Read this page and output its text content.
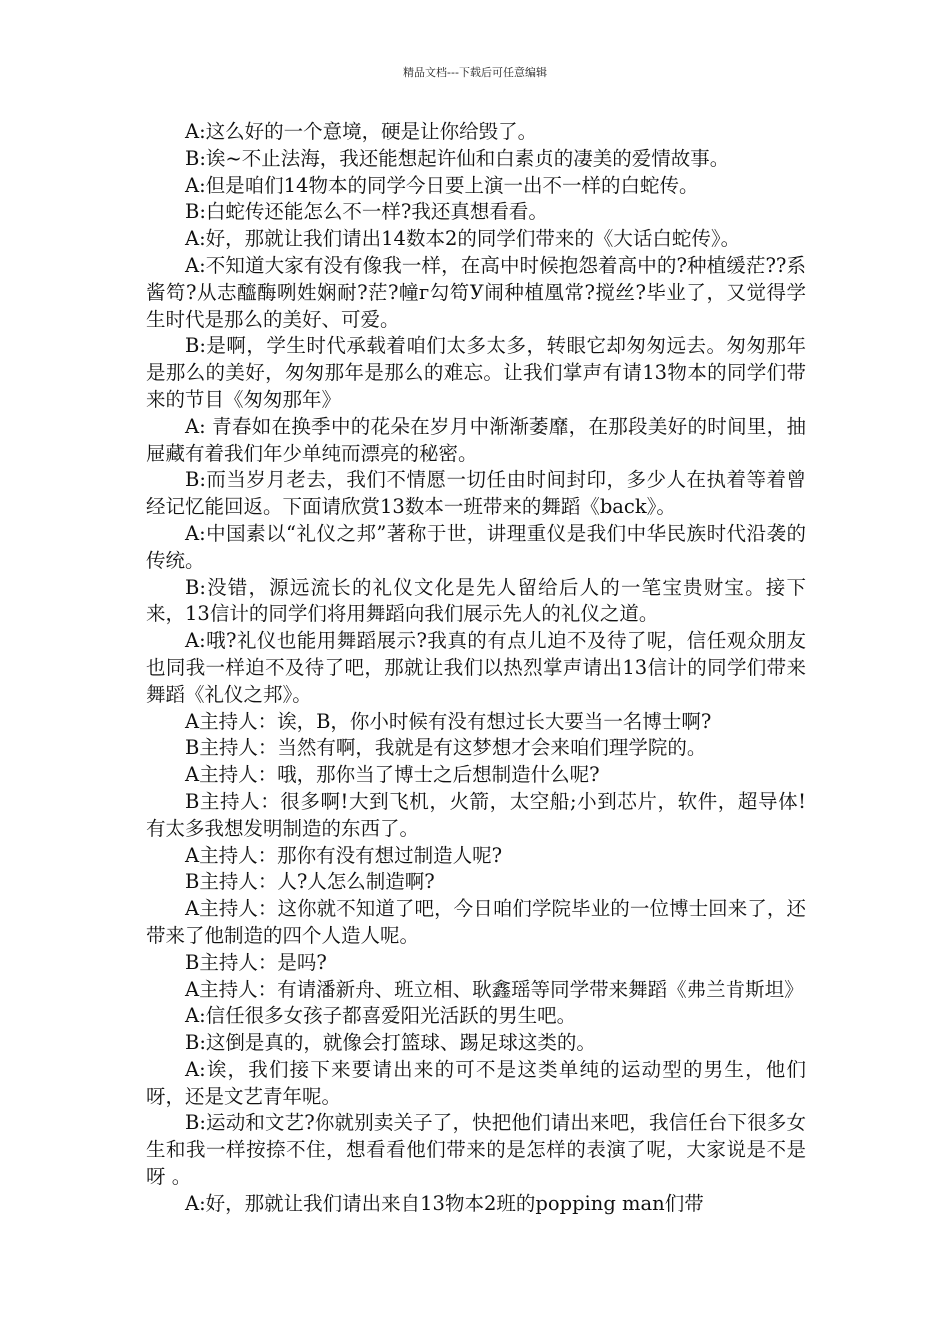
精品文档---下载后可任意编辑

A:这么好的一个意境，硬是让你给毁了。

B:诶~不止法海，我还能想起许仙和白素贞的凄美的爱情故事。

A:但是咱们14物本的同学今日要上演一出不一样的白蛇传。

B:白蛇传还能怎么不一样?我还真想看看。

A:好，那就让我们请出14数本2的同学们带来的《大话白蛇传》。

A:不知道大家有没有像我一样，在高中时候抱怨着高中的?种植缓茫??系酱笱?从志醯酶咧姓娴耐?茫?幢г勾笱У闹种植凰常?搅丝?毕业了，又觉得学生时代是那么的美好、可爱。

B:是啊，学生时代承载着咱们太多太多，转眼它却匆匆远去。匆匆那年是那么的美好，匆匆那年是那么的难忘。让我们掌声有请13物本的同学们带来的节目《匆匆那年》

A: 青春如在换季中的花朵在岁月中渐渐萎靡，在那段美好的时间里，抽屉藏有着我们年少单纯而漂亮的秘密。

B:而当岁月老去，我们不情愿一切任由时间封印，多少人在执着等着曾经记忆能回返。下面请欣赏13数本一班带来的舞蹈《back》。

A:中国素以“礼仪之邦”著称于世，讲理重仪是我们中华民族时代沿袭的传统。

B:没错，源远流长的礼仪文化是先人留给后人的一笔宝贵财宝。接下来，13信计的同学们将用舞蹈向我们展示先人的礼仪之道。

A:哦?礼仪也能用舞蹈展示?我真的有点儿迫不及待了呢，信任观众朋友也同我一样迫不及待了吧，那就让我们以热烈掌声请出13信计的同学们带来舞蹈《礼仪之邦》。

A主持人：诶，B，你小时候有没有想过长大要当一名博士啊?

B主持人：当然有啊，我就是有这梦想才会来咱们理学院的。

A主持人：哦，那你当了博士之后想制造什么呢?

B主持人：很多啊!大到飞机，火箭，太空船;小到芯片，软件，超导体!有太多我想发明制造的东西了。

A主持人：那你有没有想过制造人呢?

B主持人：人?人怎么制造啊?

A主持人：这你就不知道了吧，今日咱们学院毕业的一位博士回来了，还带来了他制造的四个人造人呢。

B主持人：是吗?

A主持人：有请潘新舟、班立相、耿鑫瑶等同学带来舞蹈《弗兰肯斯坦》

A:信任很多女孩子都喜爱阳光活跃的男生吧。

B:这倒是真的，就像会打篮球、踢足球这类的。

A:诶，我们接下来要请出来的可不是这类单纯的运动型的男生，他们呀，还是文艺青年呢。

B:运动和文艺?你就别卖关子了，快把他们请出来吧，我信任台下很多女生和我一样按捺不住，想看看他们带来的是怎样的表演了呢，大家说是不是呀 。

A:好，那就让我们请出来自13物本2班的popping man们带
